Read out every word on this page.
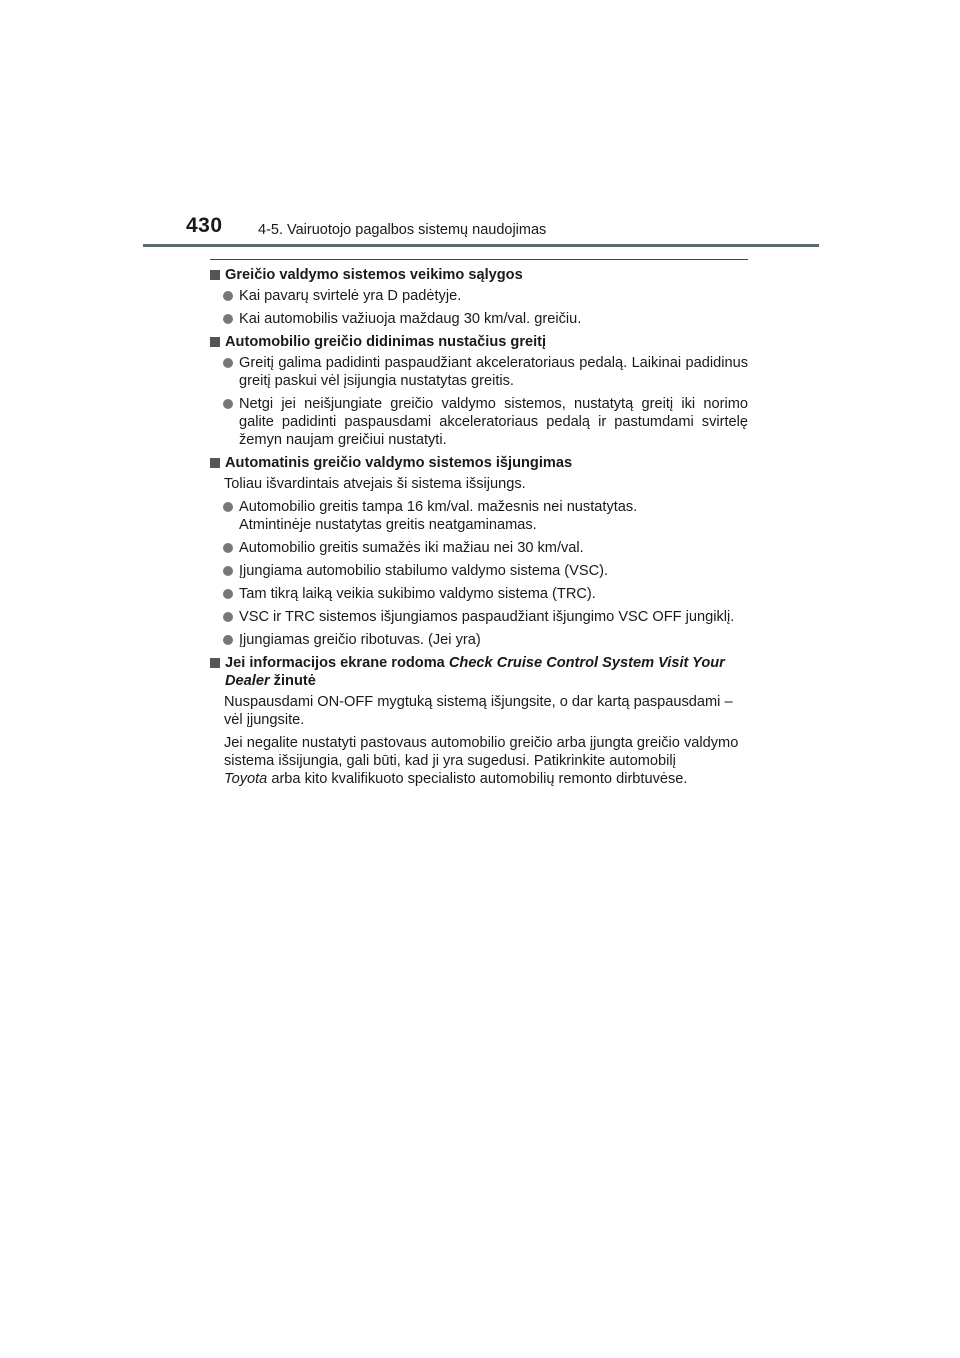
430 4-5. Vairuotojo pagalbos sistemų naudojimas
Greičio valdymo sistemos veikimo sąlygos
Kai pavarų svirtelė yra D padėtyje.
Kai automobilis važiuoja maždaug 30 km/val. greičiu.
Automobilio greičio didinimas nustačius greitį
Greitį galima padidinti paspaudžiant akceleratoriaus pedalą. Laikinai padidinus greitį paskui vėl įsijungia nustatytas greitis.
Netgi jei neišjungiate greičio valdymo sistemos, nustatytą greitį iki norimo galite padidinti paspausdami akceleratoriaus pedalą ir pastumdami svirtelę žemyn naujam greičiui nustatyti.
Automatinis greičio valdymo sistemos išjungimas
Toliau išvardintais atvejais ši sistema išsijungs.
Automobilio greitis tampa 16 km/val. mažesnis nei nustatytas.
Atmintinėje nustatytas greitis neatgaminamas.
Automobilio greitis sumažės iki mažiau nei 30 km/val.
Įjungiama automobilio stabilumo valdymo sistema (VSC).
Tam tikrą laiką veikia sukibimo valdymo sistema (TRC).
VSC ir TRC sistemos išjungiamos paspaudžiant išjungimo VSC OFF jungiklį.
Įjungiamas greičio ribotuvas. (Jei yra)
Jei informacijos ekrane rodoma Check Cruise Control System Visit Your Dealer žinutė
Nuspausdami ON-OFF mygtuką sistemą išjungsite, o dar kartą paspausdami – vėl įjungsite.
Jei negalite nustatyti pastovaus automobilio greičio arba įjungta greičio valdymo sistema išsijungia, gali būti, kad ji yra sugedusi. Patikrinkite automobilį
Toyota arba kito kvalifikuoto specialisto automobilių remonto dirbtuvėse.
